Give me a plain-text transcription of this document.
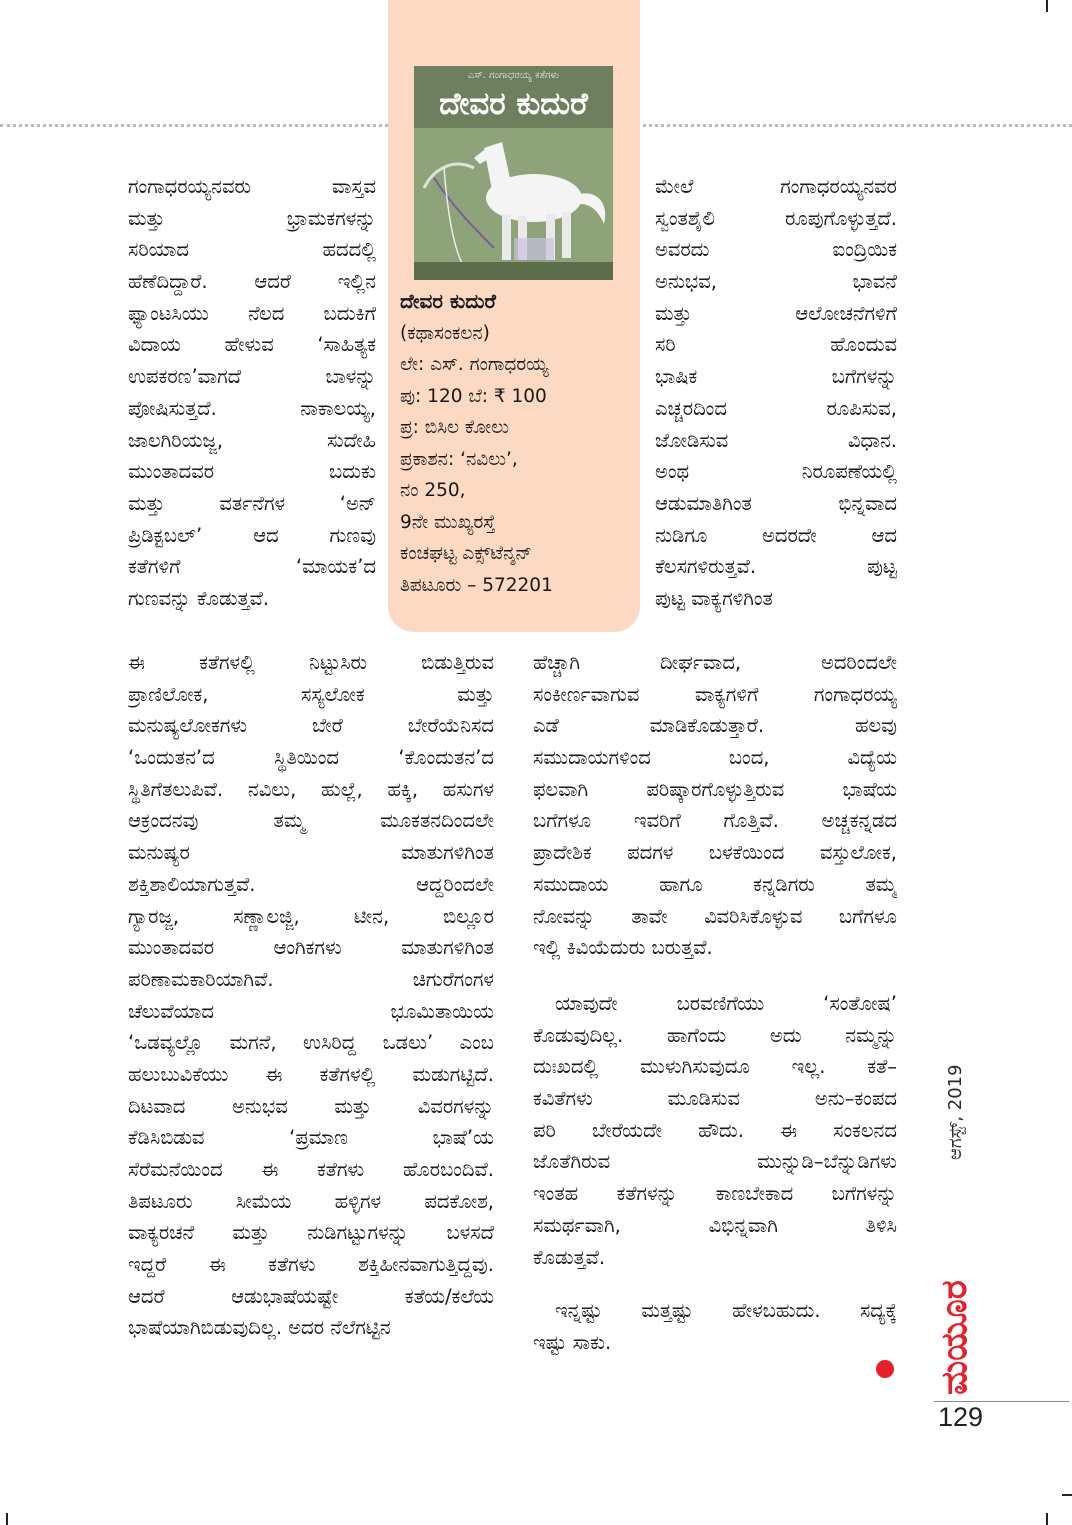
ಎಸ್. ಗಂಗಾಧರಯ್ಯ ಕತೆಗಳು
ದೇವರ ಕುದುರೆ
ದೇವರ ಕುದುರೆ
(ಕಥಾಸಂಕಲನ)
ಲೇ: ಎಸ್. ಗಂಗಾಧರಯ್ಯ
ಪು: 120 ಬೆ: ₹ 100
ಪ್ರ: ಬಿಸಿಲ ಕೋಲು
ಪ್ರಕಾಶನ: ‘ನವಿಲು’,
ನಂ 250,
9ನೇ ಮುಖ್ಯರಸ್ತೆ
ಕಂಚಘಟ್ಟ ಎಕ್ಸ್‌ಟೆನ್ಶನ್
ತಿಪಟೂರು – 572201
ಗಂಗಾಧರಯ್ಯನವರು ವಾಸ್ತವ
ಮತ್ತು ಭ್ರಾಮಕಗಳನ್ನು
ಸರಿಯಾದ ಹದದಲ್ಲಿ
ಹೆಣೆದಿದ್ದಾರೆ. ಆದರೆ ಇಲ್ಲಿನ
ಫ್ಯಾಂಟಸಿಯು ನೆಲದ ಬದುಕಿಗೆ
ವಿದಾಯ ಹೇಳುವ ‘ಸಾಹಿತ್ಯಕ
ಉಪಕರಣ’ವಾಗದೆ ಬಾಳನ್ನು
ಪೋಷಿಸುತ್ತದೆ. ನಾಕಾಲಯ್ಯ,
ಜಾಲಗಿರಿಯಜ್ಜ, ಸುದೇಹಿ
ಮುಂತಾದವರ ಬದುಕು
ಮತ್ತು ವರ್ತನೆಗಳ ‘ಅನ್
ಪ್ರಿಡಿಕ್ಟಬಲ್’ ಆದ ಗುಣವು
ಕತೆಗಳಿಗೆ ‘ಮಾಯಕ’ದ
ಗುಣವನ್ನು ಕೊಡುತ್ತವೆ.
ಈ ಕತೆಗಳಲ್ಲಿ ನಿಟ್ಟುಸಿರು ಬಿಡುತ್ತಿರುವ
ಪ್ರಾಣಿಲೋಕ, ಸಸ್ಯಲೋಕ ಮತ್ತು
ಮನುಷ್ಯಲೋಕಗಳು ಬೇರೆ ಬೇರೆಯೆನಿಸದ
‘ಒಂದುತನ’ದ ಸ್ಥಿತಿಯಿಂದ ‘ಕೊಂದುತನ’ದ
ಸ್ಥಿತಿಗೆತಲುಪಿವೆ. ನವಿಲು, ಹುಲ್ಲೆ, ಹಕ್ಕಿ, ಹಸುಗಳ
ಆಕ್ರಂದನವು ತಮ್ಮ ಮೂಕತನದಿಂದಲೇ
ಮನುಷ್ಯರ ಮಾತುಗಳಿಗಿಂತ
ಶಕ್ತಿಶಾಲಿಯಾಗುತ್ತವೆ. ಆದ್ದರಿಂದಲೇ
ಗ್ಯಾರಜ್ಜ, ಸಣ್ಣಾಲಜ್ಜಿ, ಟೀನ, ಬಿಲ್ಲೂರ
ಮುಂತಾದವರ ಆಂಗಿಕಗಳು ಮಾತುಗಳಿಗಿಂತ
ಪರಿಣಾಮಕಾರಿಯಾಗಿವೆ. ಚಿಗುರೆಗಂಗಳ
ಚೆಲುವೆಯಾದ ಭೂಮಿತಾಯಿಯ
‘ಒಡವ್ಯಲ್ಲೊ ಮಗನೆ, ಉಸಿರಿದ್ದ ಒಡಲು’ ಎಂಬ
ಹಲುಬುವಿಕೆಯು ಈ ಕತೆಗಳಲ್ಲಿ ಮಡುಗಟ್ಟಿದೆ.
ದಿಟವಾದ ಅನುಭವ ಮತ್ತು ವಿವರಗಳನ್ನು
ಕೆಡಿಸಿಬಿಡುವ ‘ಪ್ರಮಾಣ ಭಾಷೆ’ಯ
ಸೆರೆಮನೆಯಿಂದ ಈ ಕತೆಗಳು ಹೊರಬಂದಿವೆ.
ತಿಪಟೂರು ಸೀಮೆಯ ಹಳ್ಳಿಗಳ ಪದಕೋಶ,
ವಾಕ್ಯರಚನೆ ಮತ್ತು ನುಡಿಗಟ್ಟುಗಳನ್ನು ಬಳಸದೆ
ಇದ್ದರೆ ಈ ಕತೆಗಳು ಶಕ್ತಿಹೀನವಾಗುತ್ತಿದ್ದವು.
ಆದರೆ ಆಡುಭಾಷೆಯಷ್ಟೇ ಕತೆಯ/ಕಲೆಯ
ಭಾಷೆಯಾಗಿಬಿಡುವುದಿಲ್ಲ. ಅದರ ನೆಲೆಗಟ್ಟಿನ
ಮೇಲೆ ಗಂಗಾಧರಯ್ಯನವರ
ಸ್ವಂತಶೈಲಿ ರೂಪುಗೊಳ್ಳುತ್ತದೆ.
ಅವರದು ಐಂದ್ರಿಯಿಕ
ಅನುಭವ, ಭಾವನೆ
ಮತ್ತು ಆಲೋಚನೆಗಳಿಗೆ
ಸರಿ ಹೊಂದುವ
ಭಾಷಿಕ ಬಗೆಗಳನ್ನು
ಎಚ್ಚರದಿಂದ ರೂಪಿಸುವ,
ಜೋಡಿಸುವ ವಿಧಾನ.
ಅಂಥ ನಿರೂಪಣೆಯಲ್ಲಿ
ಆಡುಮಾತಿಗಿಂತ ಭಿನ್ನವಾದ
ನುಡಿಗೂ ಅದರದೇ ಆದ
ಕೆಲಸಗಳಿರುತ್ತವೆ. ಪುಟ್ಟ
ಪುಟ್ಟ ವಾಕ್ಯಗಳಿಗಿಂತ
ಹೆಚ್ಚಾಗಿ ದೀರ್ಘವಾದ, ಅದರಿಂದಲೇ
ಸಂಕೀರ್ಣವಾಗುವ ವಾಕ್ಯಗಳಿಗೆ ಗಂಗಾಧರಯ್ಯ
ಎಡೆ ಮಾಡಿಕೊಡುತ್ತಾರೆ. ಹಲವು
ಸಮುದಾಯಗಳಿಂದ ಬಂದ, ವಿದ್ಯೆಯ
ಫಲವಾಗಿ ಪರಿಷ್ಕಾರಗೊಳ್ಳುತ್ತಿರುವ ಭಾಷೆಯ
ಬಗೆಗಳೂ ಇವರಿಗೆ ಗೊತ್ತಿವೆ. ಅಚ್ಚಕನ್ನಡದ
ಪ್ರಾದೇಶಿಕ ಪದಗಳ ಬಳಕೆಯಿಂದ ವಸ್ತುಲೋಕ,
ಸಮುದಾಯ ಹಾಗೂ ಕನ್ನಡಿಗರು ತಮ್ಮ
ನೋವನ್ನು ತಾವೇ ವಿವರಿಸಿಕೊಳ್ಳುವ ಬಗೆಗಳೂ
ಇಲ್ಲಿ ಕಿವಿಯೆದುರು ಬರುತ್ತವೆ.
ಯಾವುದೇ ಬರವಣಿಗೆಯು ‘ಸಂತೋಷ’
ಕೊಡುವುದಿಲ್ಲ. ಹಾಗೆಂದು ಅದು ನಮ್ಮನ್ನು
ದುಃಖದಲ್ಲಿ ಮುಳುಗಿಸುವುದೂ ಇಲ್ಲ. ಕತೆ–
ಕವಿತೆಗಳು ಮೂಡಿಸುವ ಅನು–ಕಂಪದ
ಪರಿ ಬೇರೆಯದೇ ಹೌದು. ಈ ಸಂಕಲನದ
ಜೊತೆಗಿರುವ ಮುನ್ನುಡಿ–ಬೆನ್ನುಡಿಗಳು
ಇಂತಹ ಕತೆಗಳನ್ನು ಕಾಣಬೇಕಾದ ಬಗೆಗಳನ್ನು
ಸಮರ್ಥವಾಗಿ, ವಿಭಿನ್ನವಾಗಿ ತಿಳಿಸಿ
ಕೊಡುತ್ತವೆ.
ಇನ್ನಷ್ಟು ಮತ್ತಷ್ಟು ಹೇಳಬಹುದು. ಸದ್ಯಕ್ಕೆ
ಇಷ್ಟು ಸಾಕು.
ಆಗಸ್ಟ್, 2019
ಮಯೂರ
129
